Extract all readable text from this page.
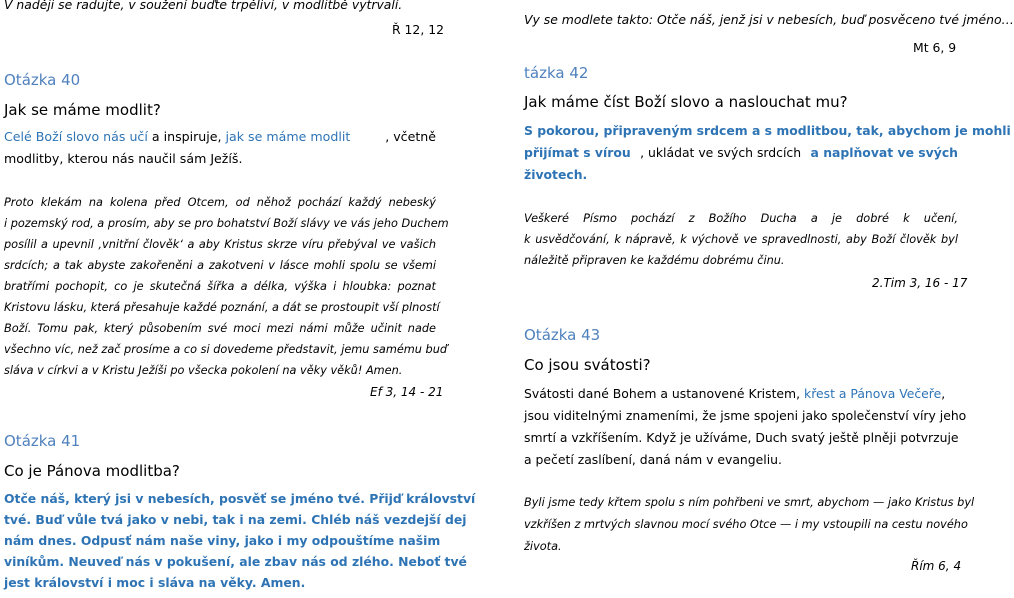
V naději se radujte, v soužení buďte trpěliví, v modlitbě vytrvalí.
Ř 12, 12
Otázka 40
Jak se máme modlit?
Celé Boží slovo nás učí a inspiruje, jak se máme modlit	, včetně
modlitby, kterou nás naučil sám Ježíš.
Proto klekám na kolena před Otcem, od něhož pochází každý nebeský
i pozemský rod, a prosím, aby se pro bohatství Boží slávy ve vás jeho Duchem
posílil a upevnil ,vnitřní člověk‘ a aby Kristus skrze víru přebýval ve vašich
srdcích; a tak abyste zakořeněni a zakotveni v lásce mohli spolu se všemi
bratřími pochopit, co je skutečná šířka a délka, výška i hloubka: poznat
Kristovu lásku, která přesahuje každé poznání, a dát se prostoupit vší plností
Boží. Tomu pak, který působením své moci mezi námi může učinit nade
všechno víc, než zač prosíme a co si dovedeme představit, jemu samému buď
sláva v církvi a v Kristu Ježíši po všecka pokolení na věky věků! Amen.
Ef 3, 14 - 21
Otázka 41
Co je Pánova modlitba?
Otče náš, který jsi v nebesích, posvěť se jméno tvé. Přijď království
tvé. Buď vůle tvá jako v nebi, tak i na zemi. Chléb náš vezdejší dej
nám dnes. Odpusť nám naše viny, jako i my odpouštíme našim
viníkům. Neuveď nás v pokušení, ale zbav nás od zlého. Neboť tvé
jest království i moc i sláva na věky. Amen.
Vy se modlete takto: Otče náš, jenž jsi v nebesích, buď posvěceno tvé jméno…
Mt 6, 9
tázka 42
Jak máme číst Boží slovo a naslouchat mu?
S pokorou, připraveným srdcem a s modlitbou, tak, abychom je mohli
přijímat s vírou , ukládat ve svých srdcích a naplňovat ve svých
životech.
Veškeré Písmo pochází z Božího Ducha a je dobré k učení,
k usvědčování, k nápravě, k výchově ve spravedlnosti, aby Boží člověk byl
náležitě připraven ke každému dobrému činu.
2.Tim 3, 16 - 17
Otázka 43
Co jsou svátosti?
Svátosti dané Bohem a ustanovené Kristem, křest a Pánova Večeře,
jsou viditelnými znameními, že jsme spojeni jako společenství víry jeho
smrtí a vzkříšením. Když je užíváme, Duch svatý ještě plněji potvrzuje
a pečetí zaslíbení, daná nám v evangeliu.
Byli jsme tedy křtem spolu s ním pohřbeni ve smrt, abychom — jako Kristus byl
vzkříšen z mrtvých slavnou mocí svého Otce — i my vstoupili na cestu nového
života.
Řím 6, 4
